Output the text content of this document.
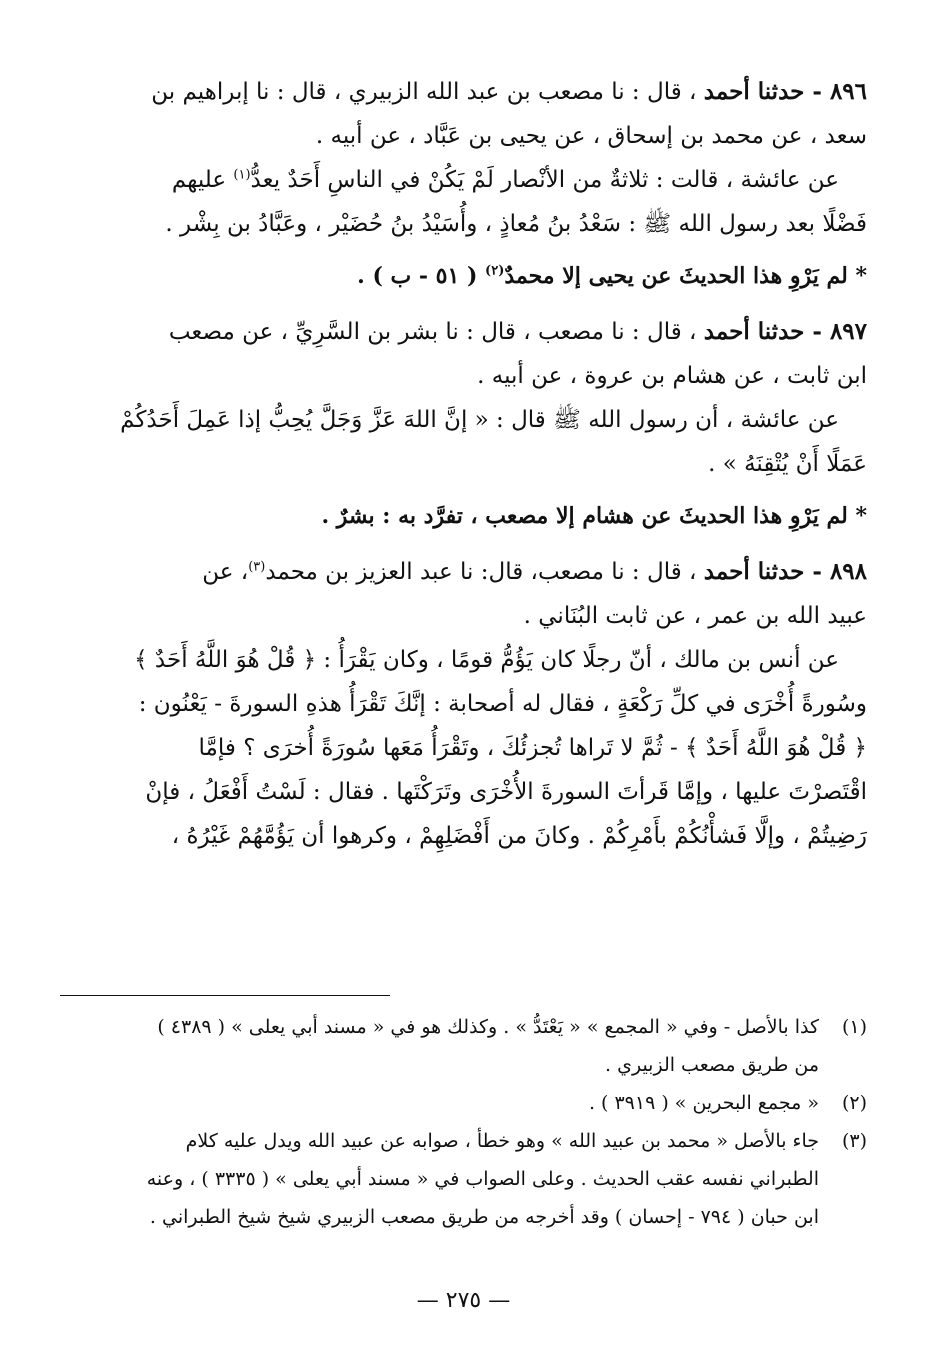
٨٩٦ - حدثنا أحمد ، قال : نا مصعب بن عبد الله الزبيري ، قال : نا إبراهيم بن
سعد ، عن محمد بن إسحاق ، عن يحيى بن عَبَّاد ، عن أبيه .

عن عائشة ، قالت : ثلاثةٌ من الأنْصار لَمْ يَكُنْ في الناسِ أَحَدٌ يعدُّ$^{(١)}$ عليهم
فَضْلًا بعد رسول الله ﷺ : سَعْدُ بنُ مُعاذٍ ، وأُسَيْدُ بنُ حُضَيْر ، وعَبَّادُ بن بِشْر .

* لم يَرْوِ هذا الحديثَ عن يحيى إلا محمدٌ$^{(٢)}$ ( ٥١ - ب ) .

٨٩٧ - حدثنا أحمد ، قال : نا مصعب ، قال : نا بشر بن السَّرِيِّ ، عن مصعب
ابن ثابت ، عن هشام بن عروة ، عن أبيه .

عن عائشة ، أن رسول الله ﷺ قال : « إنَّ اللهَ عَزَّ وَجَلَّ يُحِبُّ إذا عَمِلَ أَحَدُكُمْ
عَمَلًا أَنْ يُتْقِنَهُ » .

* لم يَرْوِ هذا الحديثَ عن هشام إلا مصعب ، تفرَّد به : بشرٌ .

٨٩٨ - حدثنا أحمد ، قال : نا مصعب، قال: نا عبد العزيز بن محمد$^{(٣)}$، عن
عبيد الله بن عمر ، عن ثابت البُنَاني .

عن أنس بن مالك ، أنّ رجلًا كان يَؤُمُّ قومًا ، وكان يَقْرَأُ : ﴿ قُلْ هُوَ اللَّهُ أَحَدٌ ﴾
وسُورةً أُخْرَى في كلِّ رَكْعَةٍ ، فقال له أصحابة : إنَّكَ تَقْرَأُ هذهِ السورةَ - يَعْنُون :
﴿ قُلْ هُوَ اللَّهُ أَحَدٌ ﴾ - ثُمَّ لا تَراها تُجزئُكَ ، وتَقْرَأُ مَعَها سُورَةً أُخرَى ؟ فإمَّا
اقْتَصرْتَ عليها ، وإمَّا قَرأتَ السورةَ الأُخْرَى وتَرَكْتَها . فقال : لَسْتُ أَفْعَلُ ، فإنْ
رَضِيتُمْ ، وإلَّا فَشأْنُكُمْ بأَمْرِكُمْ . وكانَ من أَفْضَلِهِمْ ، وكرهوا أن يَؤُمَّهُمْ غَيْرُهُ ،

(١)
كذا بالأصل - وفي « المجمع » « يَعْتَدُّ » . وكذلك هو في « مسند أبي يعلى » ( ٤٣٨٩ )
من طريق مصعب الزبيري .
(٢)
« مجمع البحرين » ( ٣٩١٩ ) .
(٣)
جاء بالأصل « محمد بن عبيد الله » وهو خطأ ، صوابه عن عبيد الله ويدل عليه كلام
الطبراني نفسه عقب الحديث . وعلى الصواب في « مسند أبي يعلى » ( ٣٣٣٥ ) ، وعنه
ابن حبان ( ٧٩٤ - إحسان ) وقد أخرجه من طريق مصعب الزبيري شيخ شيخ الطبراني .
— ٢٧٥ —
